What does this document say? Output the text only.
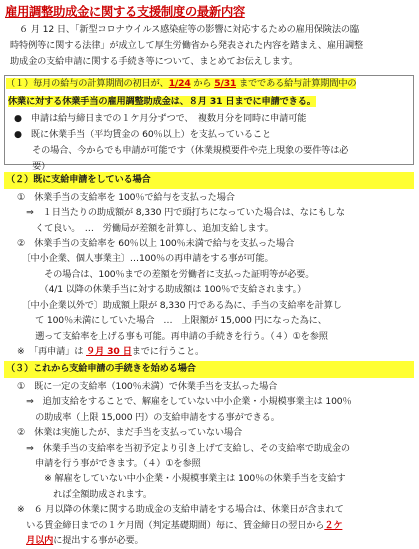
雇用調整助成金に関する支援制度の最新内容
　６ 月 12 日、「新型コロナウイルス感染症等の影響に対応するための雇用保険法の臨
時特例等に関する法律」が成立して厚生労働省から発表された内容を踏まえ、雇用調整
助成金の支給申請に関する手続き等について、まとめてお伝えします。
（１）毎月の給与の計算期間の初日が、1/24 から 5/31 までである給与計算期間中の
休業に対する休業手当の雇用調整助成金は、８月 31 日までに申請できる。
●　申請は給与締日までの１ケ月分ずつで、　複数月分を同時に申請可能
●　既に休業手当（平均賃金の 60％以上）を支払っていること
　　その場合、今からでも申請が可能です（休業規模要件や売上現象の要件等は必
　　要）
（２）既に支給申請をしている場合
　①　休業手当の支給率を 100％で給与を支払った場合
　　⇒　１日当たりの助成額が 8,330 円で頭打ちになっていた場合は、なにもしな
　　　くて良い。　…　労働局が差額を計算し、追加支給します。
　②　休業手当の支給率を 60％以上 100％未満で給与を支払った場合
　　〔中小企業、個人事業主〕…100％の再申請をする事が可能。
　　　　その場合は、100％までの差額を労働者に支払った証明等が必要。
　　　　（4/1 以降の休業手当に対する助成額は 100％で支給されます。）
　　〔中小企業以外で〕助成額上限が 8,330 円である為に、手当の支給率を計算し
　　　て 100％未満にしていた場合　…　上限額が 15,000 円になった為に、
　　　遡って支給率を上げる事も可能。再申請の手続きを行う。（４）①を参照
　※　「再申請」は ９月 30 日までに行うこと。
（３）これから支給申請の手続きを始める場合
　①　既に一定の支給率（100％未満）で休業手当を支払った場合
　　⇒　追加支給をすることで、解雇をしていない中小企業・小規模事業主は 100％
　　　の助成率（上限 15,000 円）の支給申請をする事ができる。
　②　休業は実施したが、まだ手当を支払っていない場合
　　⇒　休業手当の支給率を当初予定より引き上げて支給し、その支給率で助成金の
　　　申請を行う事ができます。（４）①を参照
　　　　※ 解雇をしていない中小企業・小規模事業主は 100％の休業手当を支給す
　　　　　れば全額助成されます。
　※　６ 月以降の休業に関する助成金の支給申請をする場合は、休業日が含まれて
　　いる賃金締日までの１ケ月間（判定基礎期間）毎に、賃金締日の翌日から２ケ
　　月以内に提出する事が必要。
